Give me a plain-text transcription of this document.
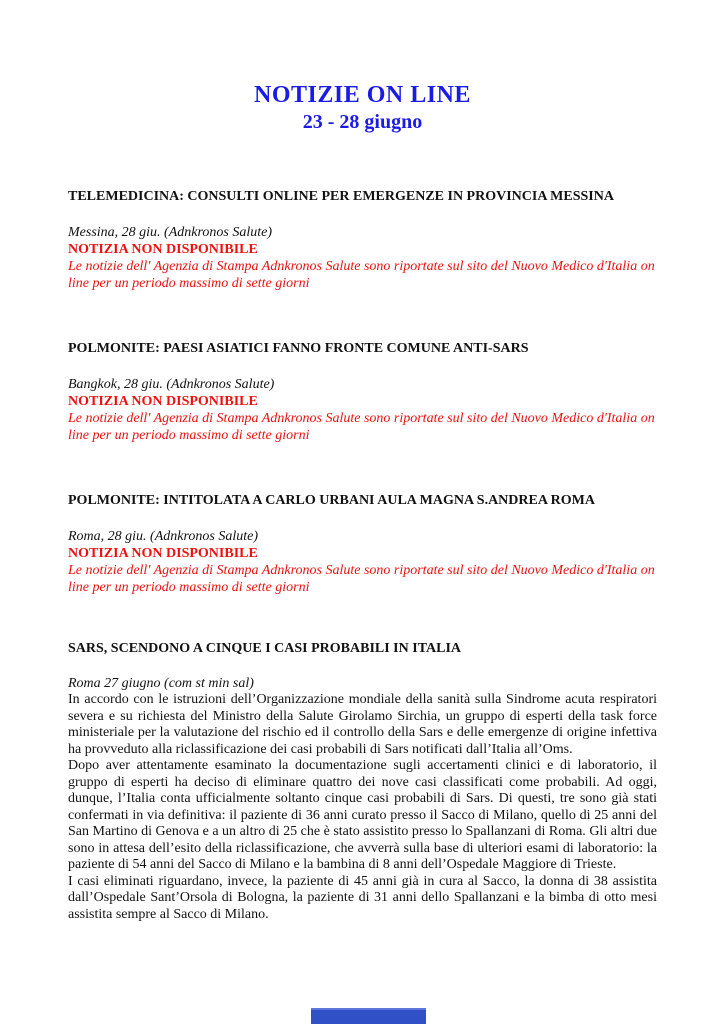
NOTIZIE ON LINE
23 - 28 giugno
TELEMEDICINA: CONSULTI ONLINE PER EMERGENZE IN PROVINCIA MESSINA
Messina, 28 giu. (Adnkronos Salute)
NOTIZIA NON DISPONIBILE
Le notizie dell' Agenzia di Stampa Adnkronos Salute sono riportate sul sito del Nuovo Medico d'Italia on line per un periodo massimo di sette giorni
POLMONITE: PAESI ASIATICI FANNO FRONTE COMUNE ANTI-SARS
Bangkok, 28 giu. (Adnkronos Salute)
NOTIZIA NON DISPONIBILE
Le notizie dell' Agenzia di Stampa Adnkronos Salute sono riportate sul sito del Nuovo Medico d'Italia on line per un periodo massimo di sette giorni
POLMONITE: INTITOLATA A CARLO URBANI AULA MAGNA S.ANDREA ROMA
Roma, 28 giu. (Adnkronos Salute)
NOTIZIA NON DISPONIBILE
Le notizie dell' Agenzia di Stampa Adnkronos Salute sono riportate sul sito del Nuovo Medico d'Italia on line per un periodo massimo di sette giorni
SARS, SCENDONO A CINQUE I CASI PROBABILI IN ITALIA
Roma 27 giugno (com st min sal)

In accordo con le istruzioni dell’Organizzazione mondiale della sanità sulla Sindrome acuta respiratori severa e su richiesta del Ministro della Salute Girolamo Sirchia, un gruppo di esperti della task force ministeriale per la valutazione del rischio ed il controllo della Sars e delle emergenze di origine infettiva ha provveduto alla riclassificazione dei casi probabili di Sars notificati dall’Italia all’Oms.

Dopo aver attentamente esaminato la documentazione sugli accertamenti clinici e di laboratorio, il gruppo di esperti ha deciso di eliminare quattro dei nove casi classificati come probabili. Ad oggi, dunque, l’Italia conta ufficialmente soltanto cinque casi probabili di Sars. Di questi, tre sono già stati confermati in via definitiva: il paziente di 36 anni curato presso il Sacco di Milano, quello di 25 anni del San Martino di Genova e a un altro di 25 che è stato assistito presso lo Spallanzani di Roma. Gli altri due sono in attesa dell’esito della riclassificazione, che avverrà sulla base di ulteriori esami di laboratorio: la paziente di 54 anni del Sacco di Milano e la bambina di 8 anni dell’Ospedale Maggiore di Trieste.

I casi eliminati riguardano, invece, la paziente di 45 anni già in cura al Sacco, la donna di 38 assistita dall’Ospedale Sant’Orsola di Bologna, la paziente di 31 anni dello Spallanzani e la bimba di otto mesi assistita sempre al Sacco di Milano.
